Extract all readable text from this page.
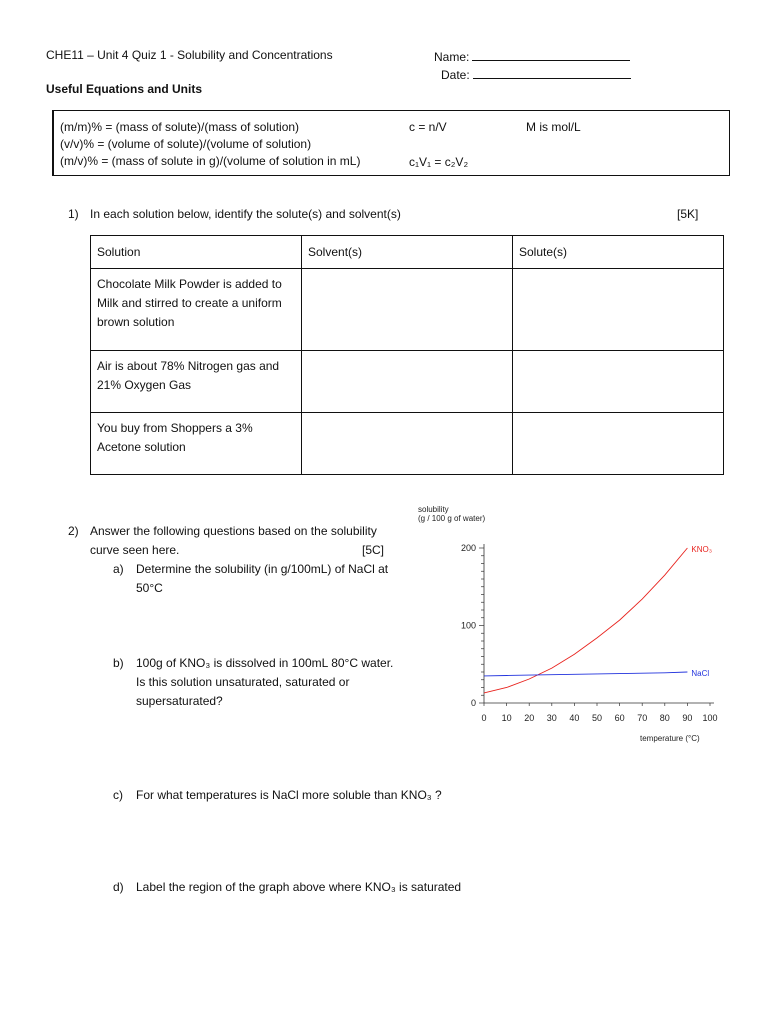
CHE11 – Unit 4 Quiz 1 - Solubility and Concentrations	Name:
Date:
Useful Equations and Units
(m/m)% = (mass of solute)/(mass of solution)
(v/v)% = (volume of solute)/(volume of solution)
(m/v)% = (mass of solute in g)/(volume of solution in mL)
c = n/V
c₁V₁ = c₂V₂
M is mol/L
1) In each solution below, identify the solute(s) and solvent(s)	[5K]
Solution	Solvent(s)	Solute(s)
Chocolate Milk Powder is added to Milk and stirred to create a uniform brown solution		
Air is about 78% Nitrogen gas and 21% Oxygen Gas		
You buy from Shoppers a 3% Acetone solution		
2) Answer the following questions based on the solubility
curve seen here.	[5C]
a) Determine the solubility (in g/100mL) of NaCl at
50°C
b) 100g of KNO₃ is dissolved in 100mL 80°C water.
Is this solution unsaturated, saturated or
supersaturated?
c) For what temperatures is NaCl more soluble than KNO₃ ?
d) Label the region of the graph above where KNO₃ is saturated
solubility
(g / 100 g of water)
temperature (°C)
0
100
200
0 10 20 30 40 50 60 70 80 90 100
KNO₃
NaCl
